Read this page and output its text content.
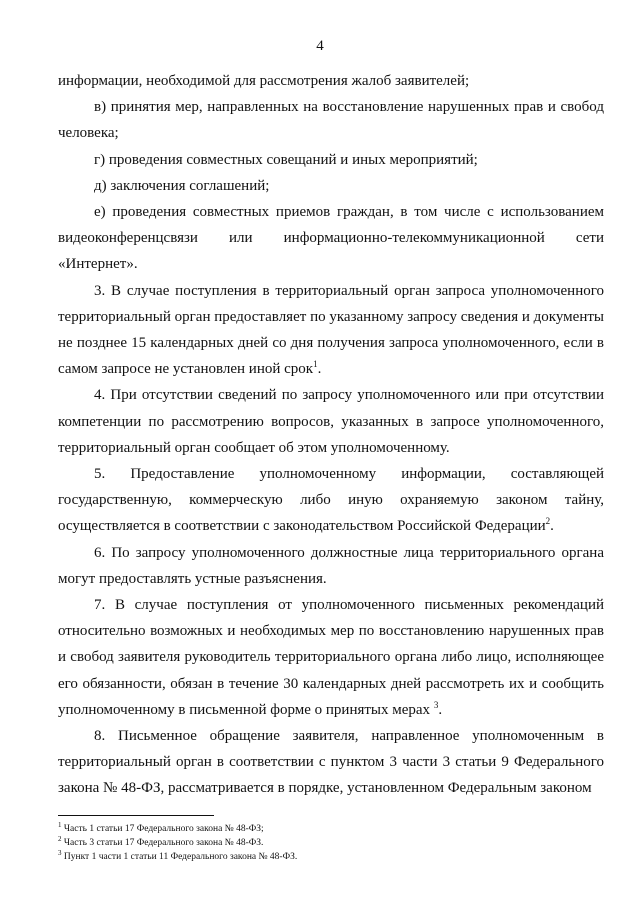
4

информации, необходимой для рассмотрения жалоб заявителей;

в) принятия мер, направленных на восстановление нарушенных прав и свобод человека;

г) проведения совместных совещаний и иных мероприятий;

д) заключения соглашений;

е) проведения совместных приемов граждан, в том числе с использованием видеоконференцсвязи или информационно-телекоммуникационной сети «Интернет».

3. В случае поступления в территориальный орган запроса уполномоченного территориальный орган предоставляет по указанному запросу сведения и документы не позднее 15 календарных дней со дня получения запроса уполномоченного, если в самом запросе не установлен иной срок$^1$.

4. При отсутствии сведений по запросу уполномоченного или при отсутствии компетенции по рассмотрению вопросов, указанных в запросе уполномоченного, территориальный орган сообщает об этом уполномоченному.

5. Предоставление уполномоченному информации, составляющей государственную, коммерческую либо иную охраняемую законом тайну, осуществляется в соответствии с законодательством Российской Федерации$^2$.

6. По запросу уполномоченного должностные лица территориального органа могут предоставлять устные разъяснения.

7. В случае поступления от уполномоченного письменных рекомендаций относительно возможных и необходимых мер по восстановлению нарушенных прав и свобод заявителя руководитель территориального органа либо лицо, исполняющее его обязанности, обязан в течение 30 календарных дней рассмотреть их и сообщить уполномоченному в письменной форме о принятых мерах $^3$.

8. Письменное обращение заявителя, направленное уполномоченным в территориальный орган в соответствии с пунктом 3 части 3 статьи 9 Федерального закона № 48-ФЗ, рассматривается в порядке, установленном Федеральным законом

$^1$ Часть 1 статьи 17 Федерального закона № 48-ФЗ;
$^2$ Часть 3 статьи 17 Федерального закона № 48-ФЗ.
$^3$ Пункт 1 части 1 статьи 11 Федерального закона № 48-ФЗ.
